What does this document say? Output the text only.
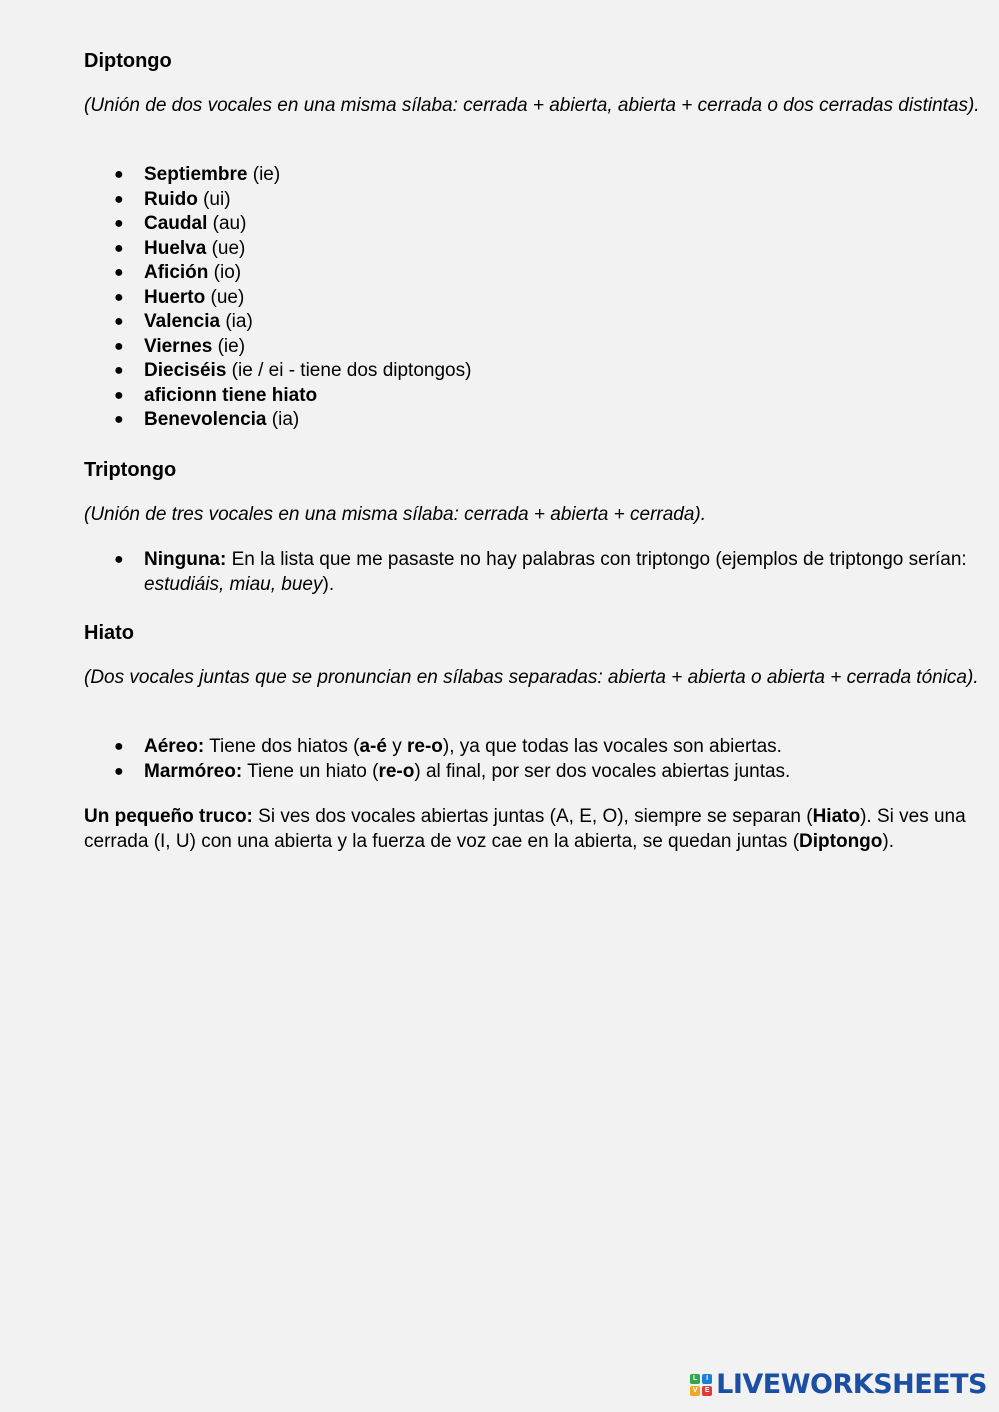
Diptongo

(Unión de dos vocales en una misma sílaba: cerrada + abierta, abierta + cerrada o dos cerradas distintas).

● Septiembre (ie)
● Ruido (ui)
● Caudal (au)
● Huelva (ue)
● Afición (io)
● Huerto (ue)
● Valencia (ia)
● Viernes (ie)
● Dieciséis (ie / ei - tiene dos diptongos)
● aficionn tiene hiato
● Benevolencia (ia)
Triptongo

(Unión de tres vocales en una misma sílaba: cerrada + abierta + cerrada).

● Ninguna: En la lista que me pasaste no hay palabras con triptongo (ejemplos de triptongo serían: estudiáis, miau, buey).
Hiato

(Dos vocales juntas que se pronuncian en sílabas separadas: abierta + abierta o abierta + cerrada tónica).

● Aéreo: Tiene dos hiatos (a-é y re-o), ya que todas las vocales son abiertas.
● Marmóreo: Tiene un hiato (re-o) al final, por ser dos vocales abiertas juntas.

Un pequeño truco: Si ves dos vocales abiertas juntas (A, E, O), siempre se separan (Hiato). Si ves una cerrada (I, U) con una abierta y la fuerza de voz cae en la abierta, se quedan juntas (Diptongo).

L	I
V	E LIVEWORKSHEETS
